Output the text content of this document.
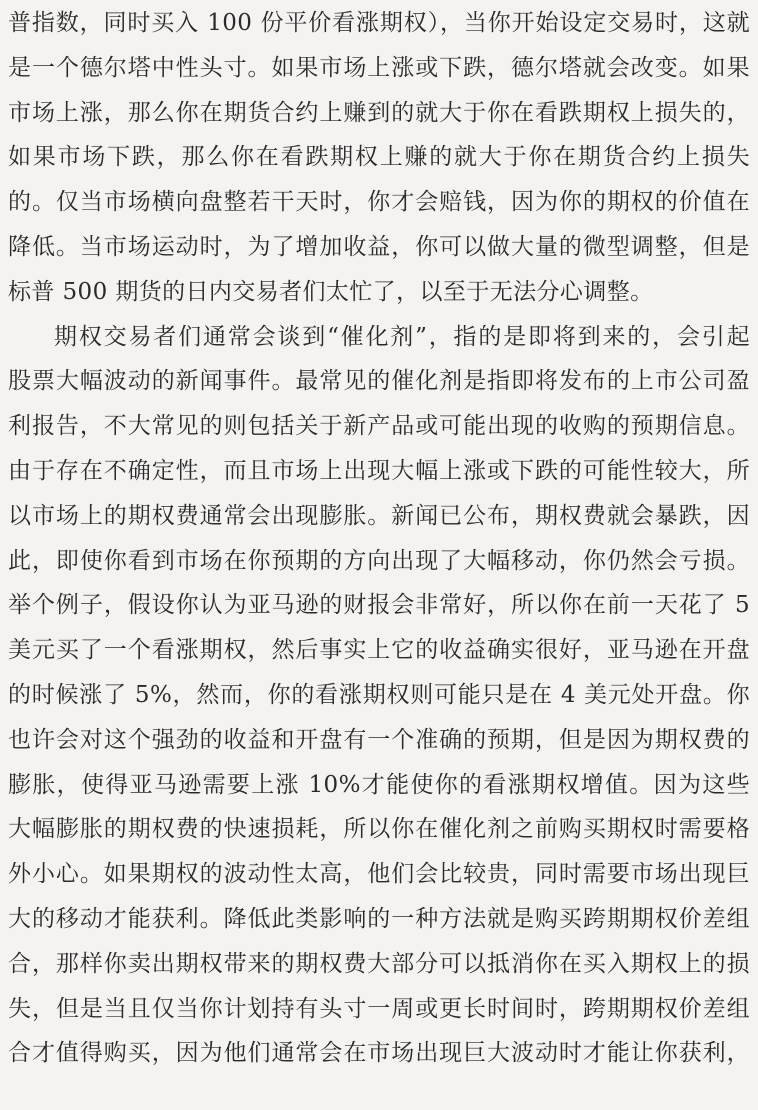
普指数，同时买入 100 份平价看涨期权），当你开始设定交易时，这就
是一个德尔塔中性头寸。如果市场上涨或下跌，德尔塔就会改变。如果
市场上涨，那么你在期货合约上赚到的就大于你在看跌期权上损失的，
如果市场下跌，那么你在看跌期权上赚的就大于你在期货合约上损失
的。仅当市场横向盘整若干天时，你才会赔钱，因为你的期权的价值在
降低。当市场运动时，为了增加收益，你可以做大量的微型调整，但是
标普 500 期货的日内交易者们太忙了，以至于无法分心调整。
期权交易者们通常会谈到“催化剂”，指的是即将到来的，会引起
股票大幅波动的新闻事件。最常见的催化剂是指即将发布的上市公司盈
利报告，不大常见的则包括关于新产品或可能出现的收购的预期信息。
由于存在不确定性，而且市场上出现大幅上涨或下跌的可能性较大，所
以市场上的期权费通常会出现膨胀。新闻已公布，期权费就会暴跌，因
此，即使你看到市场在你预期的方向出现了大幅移动，你仍然会亏损。
举个例子，假设你认为亚马逊的财报会非常好，所以你在前一天花了 5
美元买了一个看涨期权，然后事实上它的收益确实很好，亚马逊在开盘
的时候涨了 5%，然而，你的看涨期权则可能只是在 4 美元处开盘。你
也许会对这个强劲的收益和开盘有一个准确的预期，但是因为期权费的
膨胀，使得亚马逊需要上涨 10%才能使你的看涨期权增值。因为这些
大幅膨胀的期权费的快速损耗，所以你在催化剂之前购买期权时需要格
外小心。如果期权的波动性太高，他们会比较贵，同时需要市场出现巨
大的移动才能获利。降低此类影响的一种方法就是购买跨期期权价差组
合，那样你卖出期权带来的期权费大部分可以抵消你在买入期权上的损
失，但是当且仅当你计划持有头寸一周或更长时间时，跨期期权价差组
合才值得购买，因为他们通常会在市场出现巨大波动时才能让你获利，
